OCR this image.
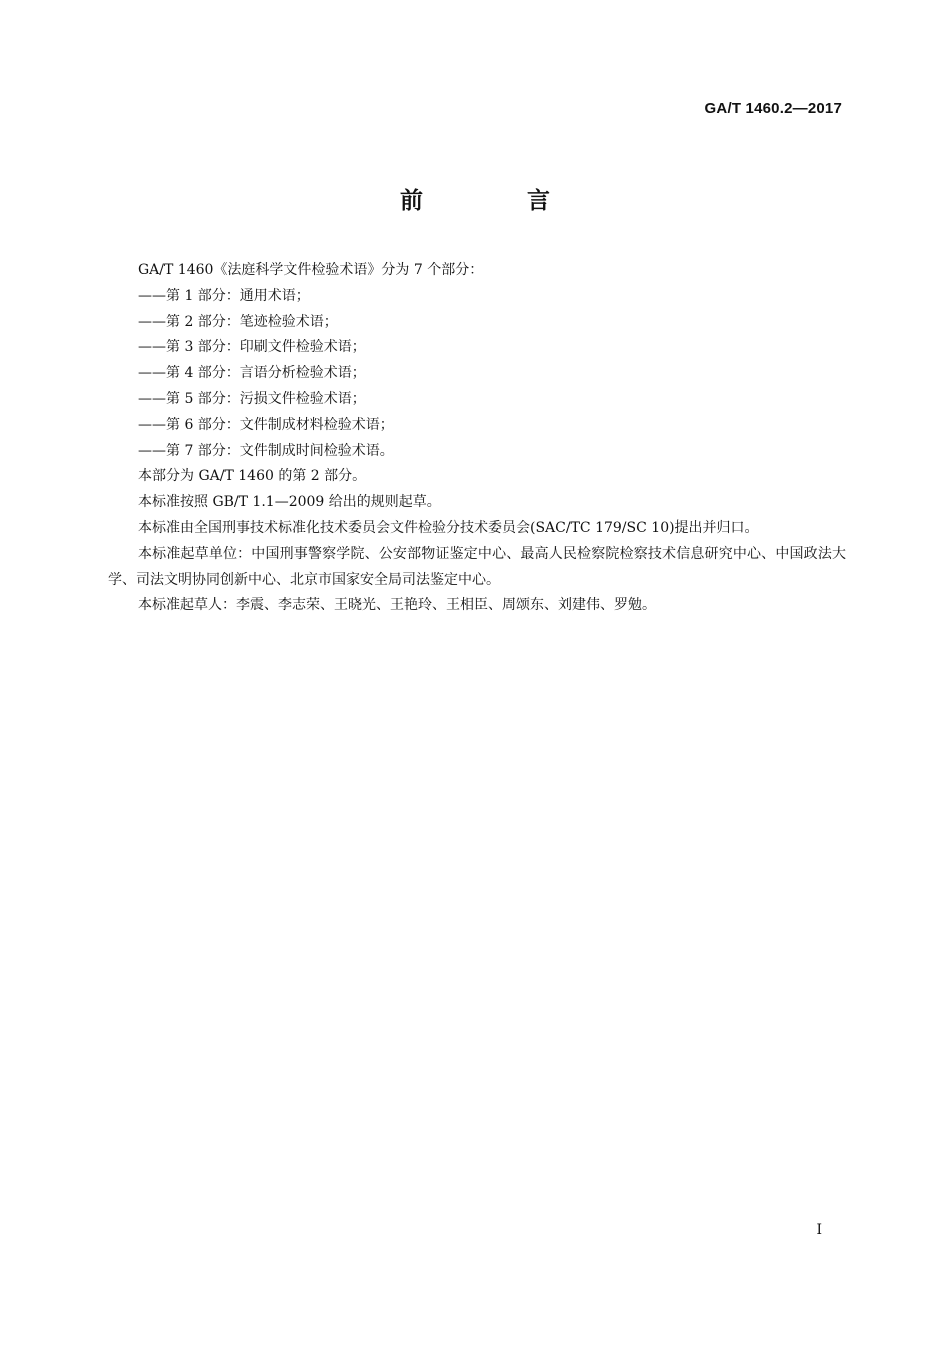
GA/T 1460.2—2017
前 言

GA/T 1460《法庭科学文件检验术语》分为 7 个部分：

——第 1 部分：通用术语；

——第 2 部分：笔迹检验术语；

——第 3 部分：印刷文件检验术语；

——第 4 部分：言语分析检验术语；

——第 5 部分：污损文件检验术语；

——第 6 部分：文件制成材料检验术语；

——第 7 部分：文件制成时间检验术语。

本部分为 GA/T 1460 的第 2 部分。

本标准按照 GB/T 1.1—2009 给出的规则起草。

本标准由全国刑事技术标准化技术委员会文件检验分技术委员会(SAC/TC 179/SC 10)提出并归口。

本标准起草单位：中国刑事警察学院、公安部物证鉴定中心、最高人民检察院检察技术信息研究中心、中国政法大学、司法文明协同创新中心、北京市国家安全局司法鉴定中心。

本标准起草人：李震、李志荣、王晓光、王艳玲、王相臣、周颂东、刘建伟、罗勉。

I
